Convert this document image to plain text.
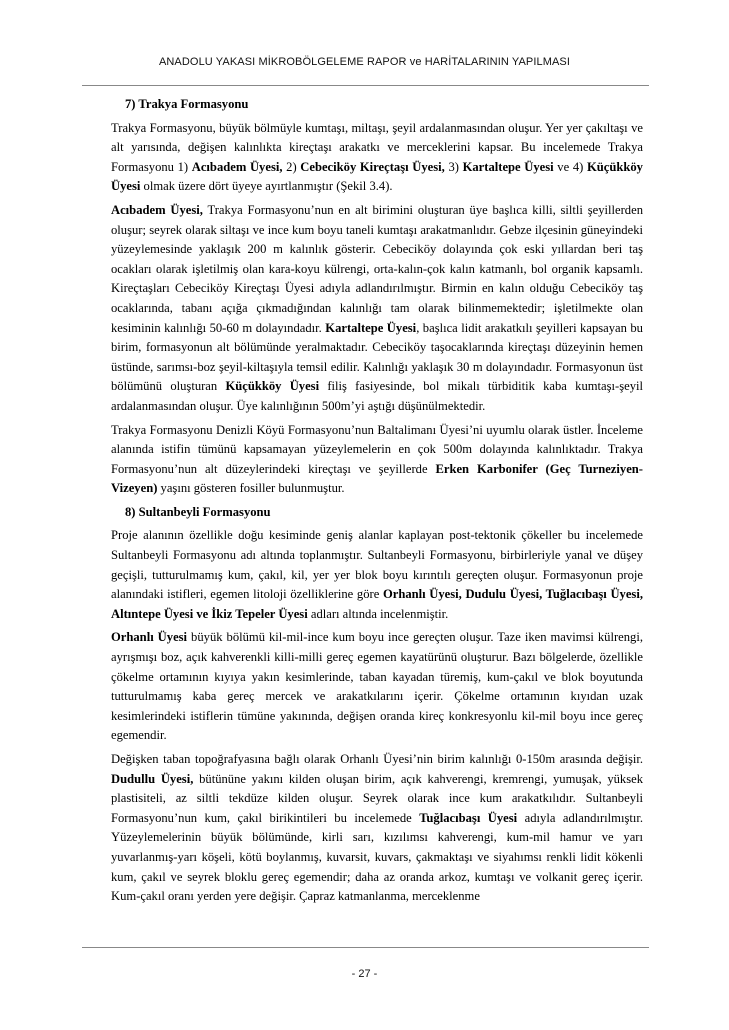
ANADOLU YAKASI MİKROBÖLGELEME RAPOR ve HARİTALARININ YAPILMASI
7) Trakya Formasyonu

Trakya Formasyonu, büyük bölmüyle kumtaşı, miltaşı, şeyil ardalanmasından oluşur. Yer yer çakıltaşı ve alt yarısında, değişen kalınlıkta kireçtaşı arakatkı ve merceklerini kapsar. Bu incelemede Trakya Formasyonu 1) Acıbadem Üyesi, 2) Cebeciköy Kireçtaşı Üyesi, 3) Kartaltepe Üyesi ve 4) Küçükköy Üyesi olmak üzere dört üyeye ayırtlanmıştır (Şekil 3.4).

Acıbadem Üyesi, Trakya Formasyonu’nun en alt birimini oluşturan üye başlıca killi, siltli şeyillerden oluşur; seyrek olarak siltaşı ve ince kum boyu taneli kumtaşı arakatmanlıdır. Gebze ilçesinin güneyindeki yüzeylemesinde yaklaşık 200 m kalınlık gösterir. Cebeciköy dolayında çok eski yıllardan beri taş ocakları olarak işletilmiş olan kara-koyu külrengi, orta-kalın-çok kalın katmanlı, bol organik kapsamlı. Kireçtaşları Cebeciköy Kireçtaşı Üyesi adıyla adlandırılmıştır. Birmin en kalın olduğu Cebeciköy taş ocaklarında, tabanı açığa çıkmadığından kalınlığı tam olarak bilinmemektedir; işletilmekte olan kesiminin kalınlığı 50-60 m dolayındadır. Kartaltepe Üyesi, başlıca lidit arakatkılı şeyilleri kapsayan bu birim, formasyonun alt bölümünde yeralmaktadır. Cebeciköy taşocaklarında kireçtaşı düzeyinin hemen üstünde, sarımsı-boz şeyil-kiltaşıyla temsil edilir. Kalınlığı yaklaşık 30 m dolayındadır. Formasyonun üst bölümünü oluşturan Küçükköy Üyesi filiş fasiyesinde, bol mikalı türbiditik kaba kumtaşı-şeyil ardalanmasından oluşur. Üye kalınlığının 500m’yi aştığı düşünülmektedir.

Trakya Formasyonu Denizli Köyü Formasyonu’nun Baltalimanı Üyesi’ni uyumlu olarak üstler. İnceleme alanında istifin tümünü kapsamayan yüzeylemelerin en çok 500m dolayında kalınlıktadır. Trakya Formasyonu’nun alt düzeylerindeki kireçtaşı ve şeyillerde Erken Karbonifer (Geç Turneziyen-Vizeyen) yaşını gösteren fosiller bulunmuştur.

8) Sultanbeyli Formasyonu

Proje alanının özellikle doğu kesiminde geniş alanlar kaplayan post-tektonik çökeller bu incelemede Sultanbeyli Formasyonu adı altında toplanmıştır. Sultanbeyli Formasyonu, birbirleriyle yanal ve düşey geçişli, tutturulmamış kum, çakıl, kil, yer yer blok boyu kırıntılı gereçten oluşur. Formasyonun proje alanındaki istifleri, egemen litoloji özelliklerine göre Orhanlı Üyesi, Dudulu Üyesi, Tuğlacıbaşı Üyesi, Altıntepe Üyesi ve İkiz Tepeler Üyesi adları altında incelenmiştir.

Orhanlı Üyesi büyük bölümü kil-mil-ince kum boyu ince gereçten oluşur. Taze iken mavimsi külrengi, ayrışmışı boz, açık kahverenkli killi-milli gereç egemen kayatürünü oluşturur. Bazı bölgelerde, özellikle çökelme ortamının kıyıya yakın kesimlerinde, taban kayadan türemiş, kum-çakıl ve blok boyutunda tutturulmamış kaba gereç mercek ve arakatkılarını içerir. Çökelme ortamının kıyıdan uzak kesimlerindeki istiflerin tümüne yakınında, değişen oranda kireç konkresyonlu kil-mil boyu ince gereç egemendir.

Değişken taban topoğrafyasına bağlı olarak Orhanlı Üyesi’nin birim kalınlığı 0-150m arasında değişir. Dudullu Üyesi, bütününe yakını kilden oluşan birim, açık kahverengi, kremrengi, yumuşak, yüksek plastisiteli, az siltli tekdüze kilden oluşur. Seyrek olarak ince kum arakatkılıdır. Sultanbeyli Formasyonu’nun kum, çakıl birikintileri bu incelemede Tuğlacıbaşı Üyesi adıyla adlandırılmıştır. Yüzeylemelerinin büyük bölümünde, kirli sarı, kızılımsı kahverengi, kum-mil hamur ve yarı yuvarlanmış-yarı köşeli, kötü boylanmış, kuvarsit, kuvars, çakmaktaşı ve siyahımsı renkli lidit kökenli kum, çakıl ve seyrek bloklu gereç egemendir; daha az oranda arkoz, kumtaşı ve volkanit gereç içerir. Kum-çakıl oranı yerden yere değişir. Çapraz katmanlanma, merceklenme

- 27 -
